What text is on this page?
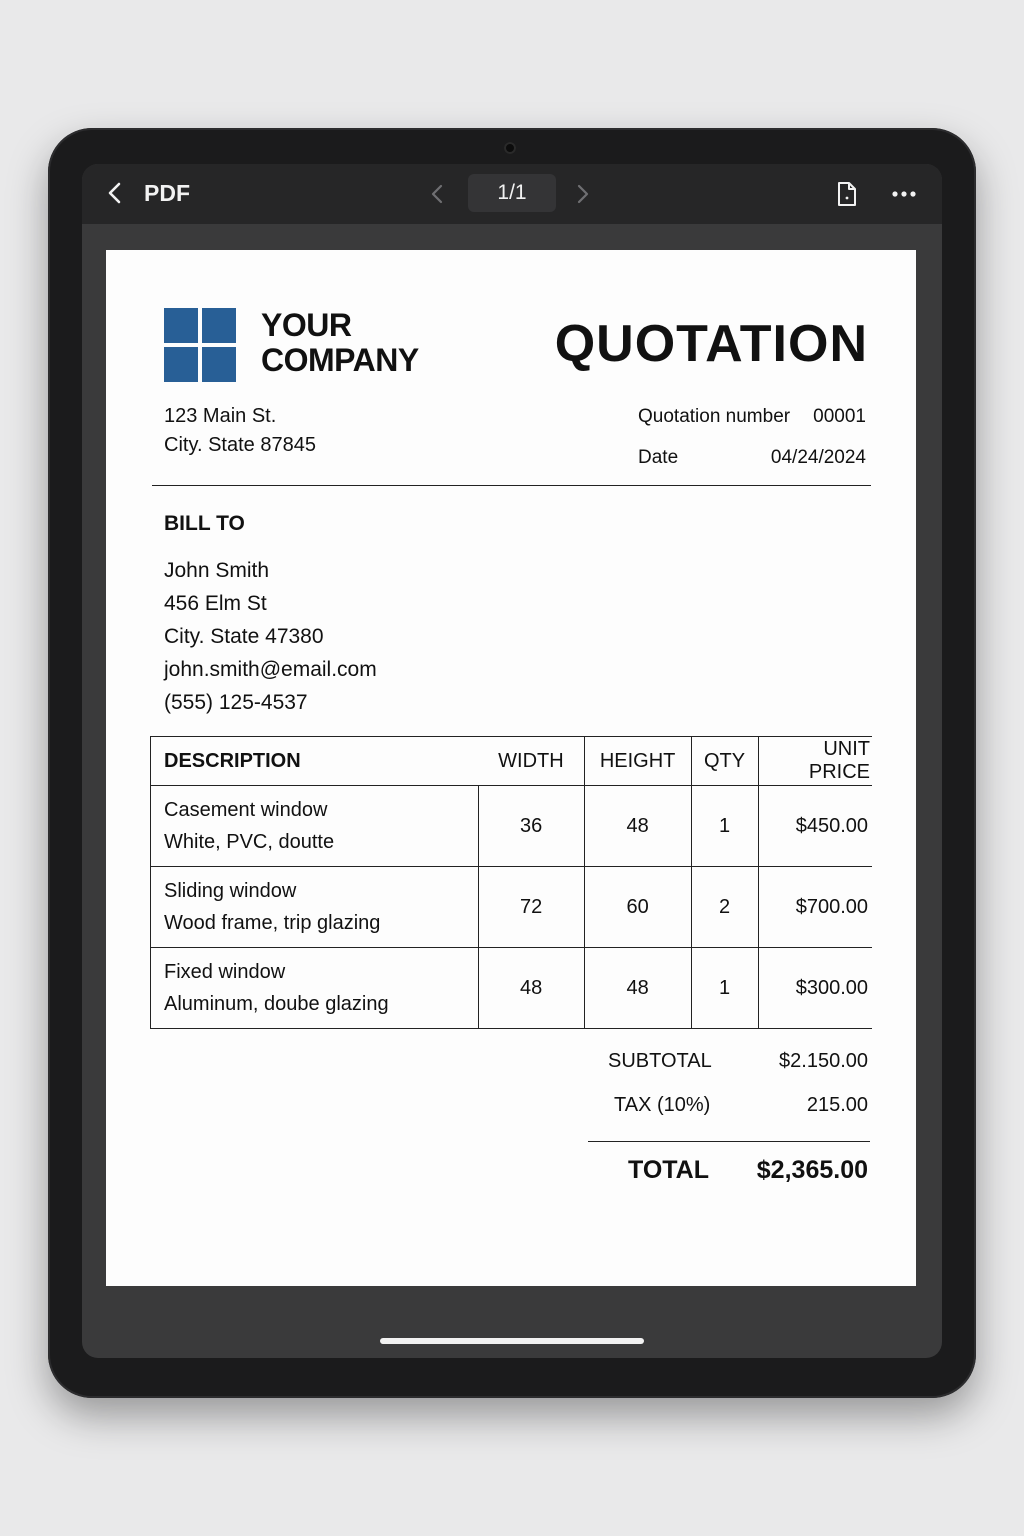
PDF	1/1
YOUR
COMPANY	QUOTATION
123 Main St.
City. State 87845
Quotation number 00001
Date	04/24/2024
BILL TO
John Smith
456 Elm St
City. State 47380
john.smith@email.com
(555) 125-4537
DESCRIPTION	WIDTH	HEIGHT	QTY	UNIT PRICE

Casement window
White, PVC, doutte	36	48	1	$450.00

Sliding window
Wood frame, trip glazing	72	60	2	$700.00

Fixed window
Aluminum, doube glazing	48	48	1	$300.00
SUBTOTAL	$2.150.00
TAX (10%)	215.00
TOTAL $2,365.00
